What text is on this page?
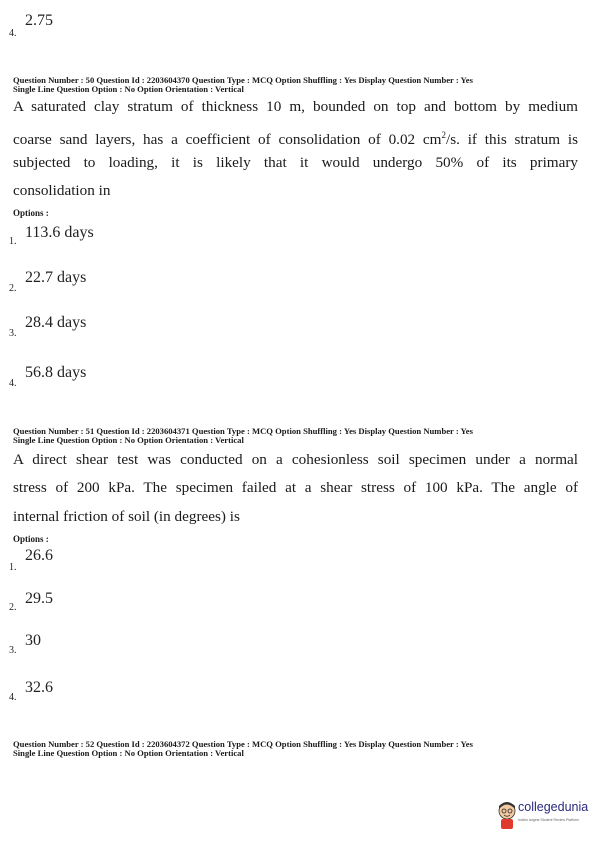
4.
2.75
Question Number : 50 Question Id : 2203604370 Question Type : MCQ Option Shuffling : Yes Display Question Number : Yes
Single Line Question Option : No Option Orientation : Vertical
A saturated clay stratum of thickness 10 m, bounded on top and bottom by medium
coarse sand layers, has a coefficient of consolidation of 0.02 $cm^2/s$. if this stratum is
subjected to loading, it is likely that it would undergo 50% of its primary
consolidation in
Options :
1.
113.6 days
2.
22.7 days
3.
28.4 days
4.
56.8 days
Question Number : 51 Question Id : 2203604371 Question Type : MCQ Option Shuffling : Yes Display Question Number : Yes
Single Line Question Option : No Option Orientation : Vertical
A direct shear test was conducted on a cohesionless soil specimen under a normal
stress of 200 kPa. The specimen failed at a shear stress of 100 kPa. The angle of
internal friction of soil (in degrees) is
Options :
1.
26.6
2.
29.5
3.
30
4.
32.6
Question Number : 52 Question Id : 2203604372 Question Type : MCQ Option Shuffling : Yes Display Question Number : Yes
Single Line Question Option : No Option Orientation : Vertical
collegedunia
India's largest Student Review Platform
